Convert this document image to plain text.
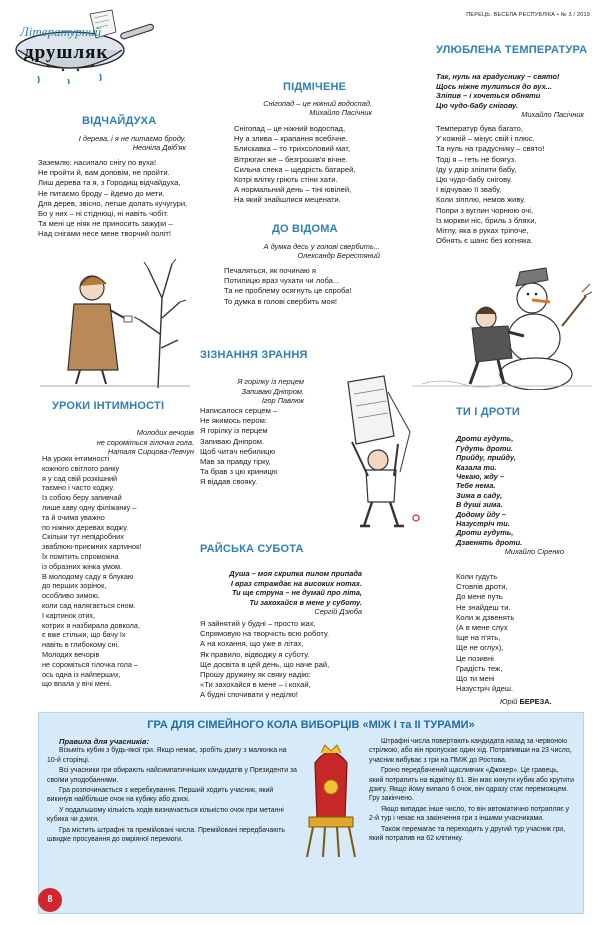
Літературний
друшляк
ПЕРЕЦЬ. ВЕСЕЛА РЕСПУБЛІКА • № 3 / 2019
ВІДЧАЙДУХА
І дерева, і я не питаємо броду.
Неоніла Двіб'як
Заземлю: насипало снігу по вуха!
Не пройти й, вам доповім, не пройти.
Лиш дерева та я, з Городищ відчайдуха,
Не питаємо броду – йдемо до мети.
Для дерев, звісно, легше долать кучугури,
Бо у них – ні стіднюці, ні навіть чобіт.
Та мені це ніяк не приносить зажури –
Над снігами несе мене творчий політ!
ПІДМІЧЕНЕ
Снігопад – це ніжний водоспад.
Михайло Пасічник
Снігопад – це ніжний водоспад,
Ну а злива – крапання всебічне.
Блискавка – то трихсоловий мат,
Вітрюган же – безгрошів'я вічне.
Сильна спека – щедрість батарей,
Котрі влітку гріють стіни хати.
А нормальний день – тіні ювілей,
На який знайшлися меценати.
УЛЮБЛЕНА ТЕМПЕРАТУРА

Так, нуль на градуснику – свято!
Щось ніжне тулиться до вух...
Зліпив – і хочеться обняти
Цю чудо-бабу снігову.

Михайло Пасічник

Температур бува багато,
У кожній – мінус свій і плюс.
Та нуль на градуснику – свято!
Тоді я – геть не боягуз.
Іду у двір зліпити бабу,
Цю чудо-бабу снігову.
І відчуваю її звабу,
Коли зіпплю, немов живу.
Попри з вуглин чорнюю очі,
Із моркви ніс, бриль з бляхи,
Мітлу, яка в руках тріпоче,
Обнять є шанс без когняка.
ДО ВІДОМА
А думка десь у голові свербить...
Олександр Берестяний
Печаляться, як починаю я
Потилицю враз чухати чи лоба...
Та не проблему осягнуть це спроба!
То думка в голові свербить моя!
ЗІЗНАННЯ ЗРАННЯ

Я горілку із перцем
Запиваю Дніпром.

Ігор Павлюк

Написалося серцем –
Не якимось пером:
Я горілку із перцем
Запиваю Дніпром.
Щоб читач небилицю
Мав за правду гірку,
Та брав з цю криницю
Я віддав свояку.
ТИ І ДРОТИ

Дроти гудуть,
Гудуть дроти.
Прийду, прийду,
Казала ти.
Чекаю, жду –
Тебе нема.
Зима в саду,
В душі зима.
Додому йду –
Назустріч ти.
Дроти гудуть,
Дзвенять дроти.

Михайло Сіренко

Коли гудуть
Стовпів дроти,
До мене путь
Не знайдеш ти.
Коли ж дзвенять
(А в мене слух
Іще на п'ять,
Ще не оглух),
Це позивні
Градість теж,
Що ти мені
Назустріч йдеш.
УРОКИ ІНТИМНОСТІ

Молодих вечорів
не сороміться гілочка гола.

Наталя Сирцова-Левчун

На уроки інтимності
кожного світлого ранку
я у сад свій розкішний
таємно і часто ходжу.
Із собою беру запивчай
лише каву одну філіжанку –
та й очима уважно
по ніжних деревах воджу.
Скільки тут непідробних
зваблюю-приємних картинок!
Їх помітить спроможна
із образних жінка умом.
В молодому саду я блукаю
до перших зорінок,
особливо зимою,
коли сад налягається сном.
І картинок отих,
котрих я назбирала довкола,
є вже стільки, що бачу їх
навіть в глибокому сні.
Молодих вечорів
не сороміться гілочка гола –
ось одна із найперших,
що впала у вічі мені.
РАЙСЬКА СУБОТА

Душа – моя скрипка пилом припада
І враз страждає на високих нотах.
Ти ще струна – не думай про літа,
Ти захохайся в мене у суботу.

Сергій Дзюба

Я зайнятий у будні – просто жах,
Спрямовую на творчість всю роботу.
А на кохання, що уже в літах,
Як правило, відводжу я суботу.
Ще досвіта в цей день, що наче рай,
Прошу дружину як свяку надію:
«Ти захохайся в мене – і кохай,
А будні спочивати у неділю!
Юрій БЕРЕЗА.
ГРА ДЛЯ СІМЕЙНОГО КОЛА ВИБОРЦІВ «МІЖ І та ІІ ТУРАМИ»
Правила для учасників:

Візьміть кубик з будь-якої гри. Якщо немає, зробіть дзигу з малюнка на 10-й сторінці.

Всі учасники гри обирають найсимпатичніших кандидатів у Президенти за своїми уподобаннями.

Гра розпочинається з жеребкування. Перший ходить учасник, який викинув найбільше очок на кубику або дзизі.

У подальшому кількість ходів визначається кількістю очок при метанні кубика чи дзиги.

Гра містить штрафні та премійовані числа. Премійовані передбачають швидке просування до омріяної перемоги.

Штрафні числа повертають кандидата назад за червоною стрілкою, або він пропускає один хід. Потрапивши на 23 число, учасник вибуває з гри на ПМЖ до Ростова.

Гроно передбачений щасливчик «Джокер». Це гравець, який потрапить на відмітку 61. Він має кинути кубик або крутити дзигу. Якщо йому випало 6 очок, він одразу стає переможцем. Гру закінчено.

Якщо випадає інше число, то він автоматично потрапляє у 2-й тур і чекає на закінчення гри з іншими учасниками.

Також перемагає та переходить у другий тур учасник гри, який потрапив на 62 клітинку.

8
